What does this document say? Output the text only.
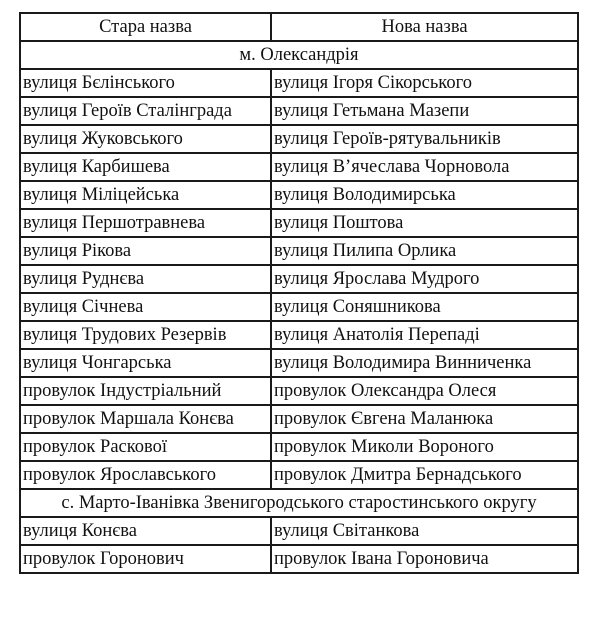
Стара назва	Нова назва
м. Олександрія	
вулиця Бєлінського	вулиця Ігоря Сікорського
вулиця Героїв Сталінграда	вулиця Гетьмана Мазепи
вулиця Жуковського	вулиця Героїв-рятувальників
вулиця Карбишева	вулиця В’ячеслава Чорновола
вулиця Міліцейська	вулиця Володимирська
вулиця Першотравнева	вулиця Поштова
вулиця Рікова	вулиця Пилипа Орлика
вулиця Руднєва	вулиця Ярослава Мудрого
вулиця Січнева	вулиця Соняшникова
вулиця Трудових Резервів	вулиця Анатолія Перепаді
вулиця Чонгарська	вулиця Володимира Винниченка
провулок Індустріальний	провулок Олександра Олеся
провулок Маршала Конєва	провулок Євгена Маланюка
провулок Раскової	провулок Миколи Вороного
провулок Ярославського	провулок Дмитра Бернадського
с. Марто-Іванівка Звенигородського старостинського округу	
вулиця Конєва	вулиця Світанкова
провулок Горонович	провулок Івана Гороновича
